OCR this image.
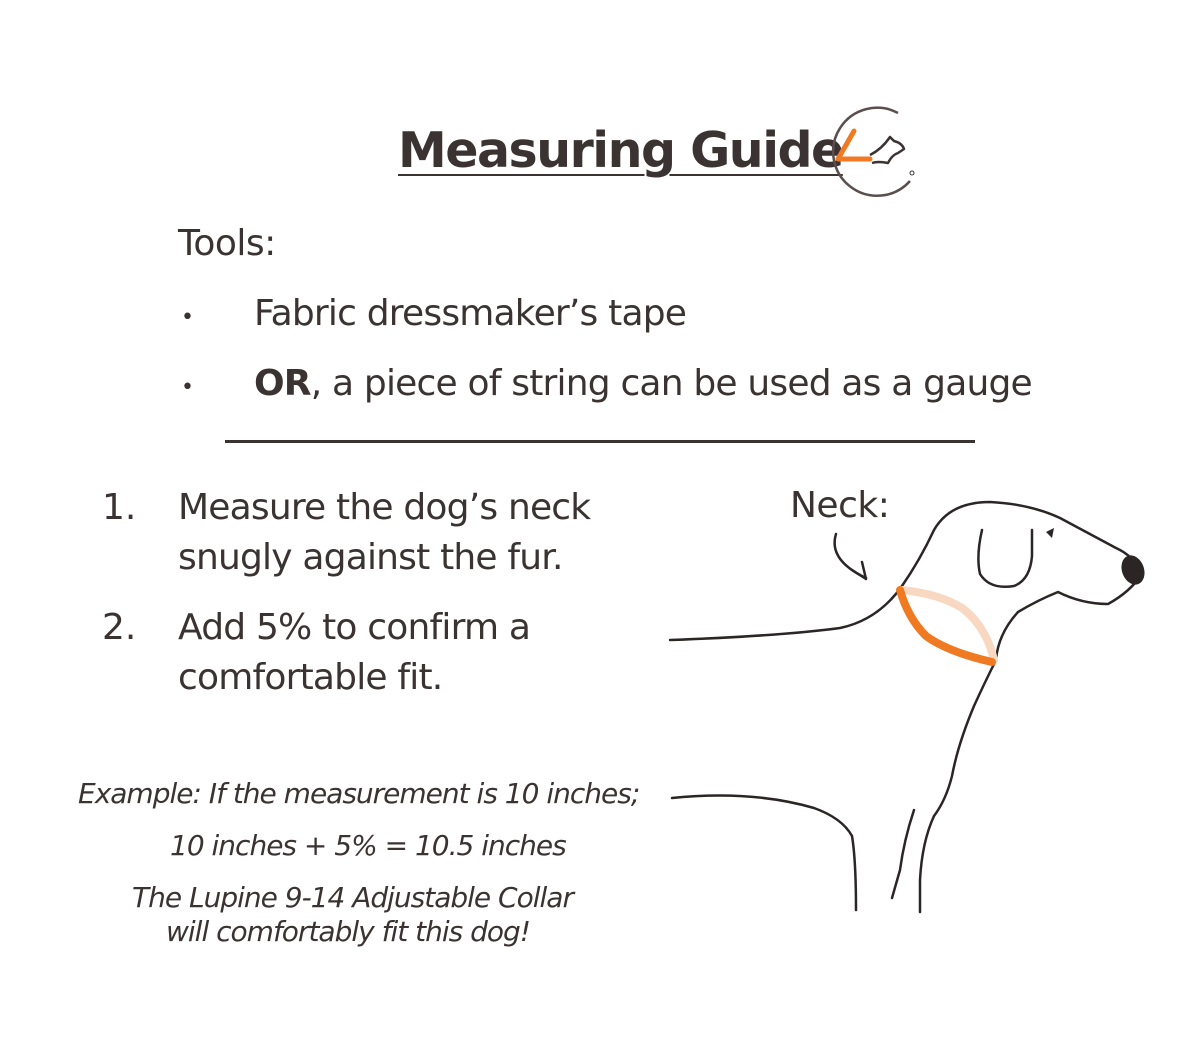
Measuring Guide
Tools:
• Fabric dressmaker’s tape
• OR, a piece of string can be used as a gauge
1. Measure the dog’s neck
snugly against the fur.
2. Add 5% to confirm a
comfortable fit.
Example: If the measurement is 10 inches;
10 inches + 5% = 10.5 inches
The Lupine 9-14 Adjustable Collar
will comfortably fit this dog!
Neck:
